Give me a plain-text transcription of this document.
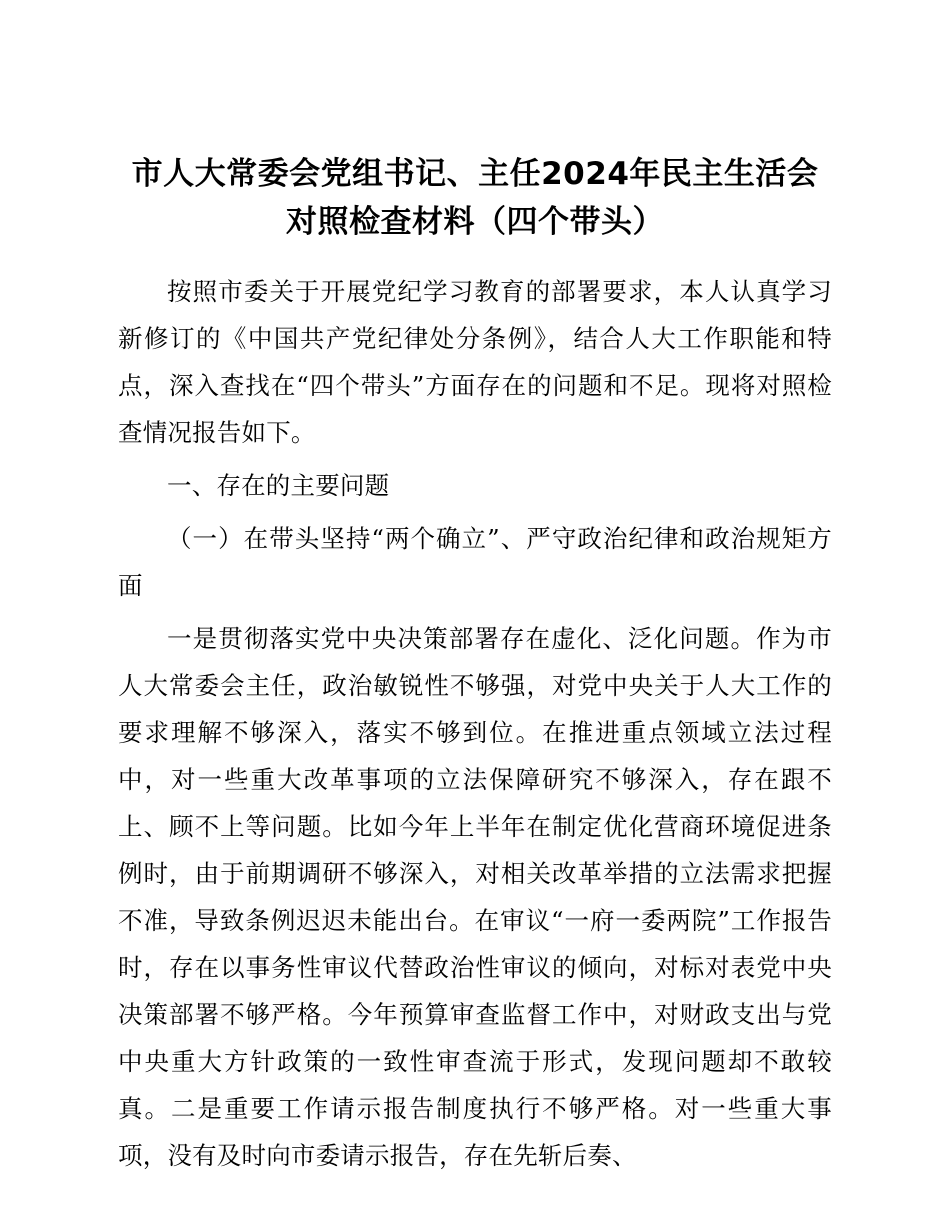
市人大常委会党组书记、主任2024年民主生活会对照检查材料（四个带头）

按照市委关于开展党纪学习教育的部署要求，本人认真学习新修订的《中国共产党纪律处分条例》，结合人大工作职能和特点，深入查找在“四个带头”方面存在的问题和不足。现将对照检查情况报告如下。

一、存在的主要问题

（一）在带头坚持“两个确立”、严守政治纪律和政治规矩方面

一是贯彻落实党中央决策部署存在虚化、泛化问题。作为市人大常委会主任，政治敏锐性不够强，对党中央关于人大工作的要求理解不够深入，落实不够到位。在推进重点领域立法过程中，对一些重大改革事项的立法保障研究不够深入，存在跟不上、顾不上等问题。比如今年上半年在制定优化营商环境促进条例时，由于前期调研不够深入，对相关改革举措的立法需求把握不准，导致条例迟迟未能出台。在审议“一府一委两院”工作报告时，存在以事务性审议代替政治性审议的倾向，对标对表党中央决策部署不够严格。今年预算审查监督工作中，对财政支出与党中央重大方针政策的一致性审查流于形式，发现问题却不敢较真。二是重要工作请示报告制度执行不够严格。对一些重大事项，没有及时向市委请示报告，存在先斩后奏、
